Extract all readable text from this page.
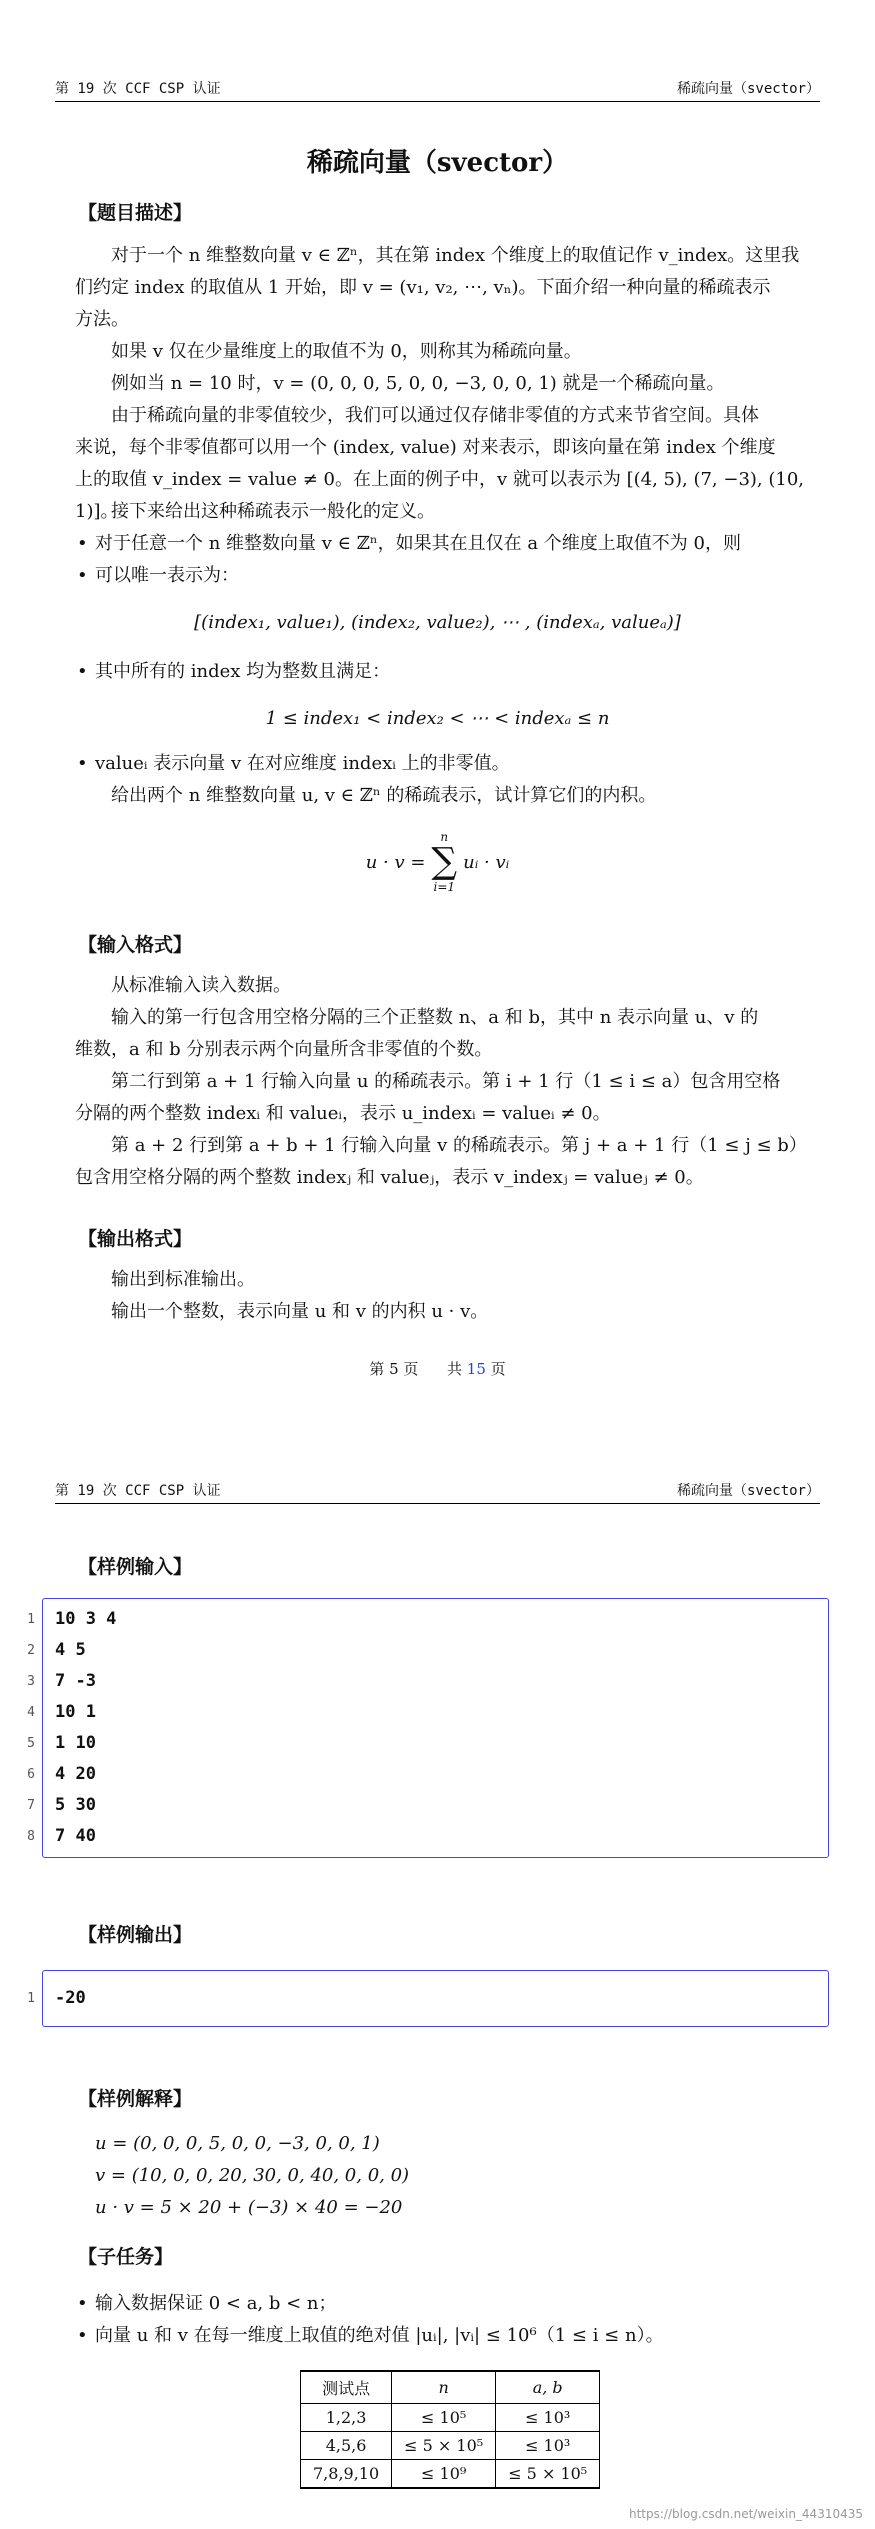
第 19 次 CCF CSP 认证	稀疏向量（svector）
稀疏向量（svector）
【题目描述】
对于一个 n 维整数向量 v ∈ ℤⁿ，其在第 index 个维度上的取值记作 v_index。这里我
们约定 index 的取值从 1 开始，即 v = (v₁, v₂, ⋯, vₙ)。下面介绍一种向量的稀疏表示
方法。
如果 v 仅在少量维度上的取值不为 0，则称其为稀疏向量。
例如当 n = 10 时，v = (0, 0, 0, 5, 0, 0, −3, 0, 0, 1) 就是一个稀疏向量。
由于稀疏向量的非零值较少，我们可以通过仅存储非零值的方式来节省空间。具体
来说，每个非零值都可以用一个 (index, value) 对来表示，即该向量在第 index 个维度
上的取值 v_index = value ≠ 0。在上面的例子中，v 就可以表示为 [(4, 5), (7, −3), (10, 1)]。
接下来给出这种稀疏表示一般化的定义。
• 对于任意一个 n 维整数向量 v ∈ ℤⁿ，如果其在且仅在 a 个维度上取值不为 0，则
• 可以唯一表示为：
[(index₁, value₁), (index₂, value₂), ⋯ , (indexₐ, valueₐ)]
• 其中所有的 index 均为整数且满足：
1 ≤ index₁ < index₂ < ⋯ < indexₐ ≤ n
• valueᵢ 表示向量 v 在对应维度 indexᵢ 上的非零值。
给出两个 n 维整数向量 u, v ∈ ℤⁿ 的稀疏表示，试计算它们的内积。
u · v =
n
∑
i=1
uᵢ · vᵢ
【输入格式】
从标准输入读入数据。
输入的第一行包含用空格分隔的三个正整数 n、a 和 b，其中 n 表示向量 u、v 的
维数，a 和 b 分别表示两个向量所含非零值的个数。
第二行到第 a + 1 行输入向量 u 的稀疏表示。第 i + 1 行（1 ≤ i ≤ a）包含用空格
分隔的两个整数 indexᵢ 和 valueᵢ，表示 u_indexᵢ = valueᵢ ≠ 0。
第 a + 2 行到第 a + b + 1 行输入向量 v 的稀疏表示。第 j + a + 1 行（1 ≤ j ≤ b）
包含用空格分隔的两个整数 indexⱼ 和 valueⱼ，表示 v_indexⱼ = valueⱼ ≠ 0。
【输出格式】
输出到标准输出。
输出一个整数，表示向量 u 和 v 的内积 u · v。
第 5 页 共 15 页
第 19 次 CCF CSP 认证	稀疏向量（svector）
【样例输入】
1 10 3 4
2 4 5
3 7 -3
4 10 1
5 1 10
6 4 20
7 5 30
8 7 40
【样例输出】
1 -20
【样例解释】
u = (0, 0, 0, 5, 0, 0, −3, 0, 0, 1)
v = (10, 0, 0, 20, 30, 0, 40, 0, 0, 0)
u · v = 5 × 20 + (−3) × 40 = −20
【子任务】
• 输入数据保证 0 < a, b < n；
• 向量 u 和 v 在每一维度上取值的绝对值 |uᵢ|, |vᵢ| ≤ 10⁶（1 ≤ i ≤ n）。
测试点	n	a, b
1,2,3	≤ 10⁵	≤ 10³
4,5,6	≤ 5 × 10⁵	≤ 10³
7,8,9,10	≤ 10⁹	≤ 5 × 10⁵
https://blog.csdn.net/weixin_44310435
